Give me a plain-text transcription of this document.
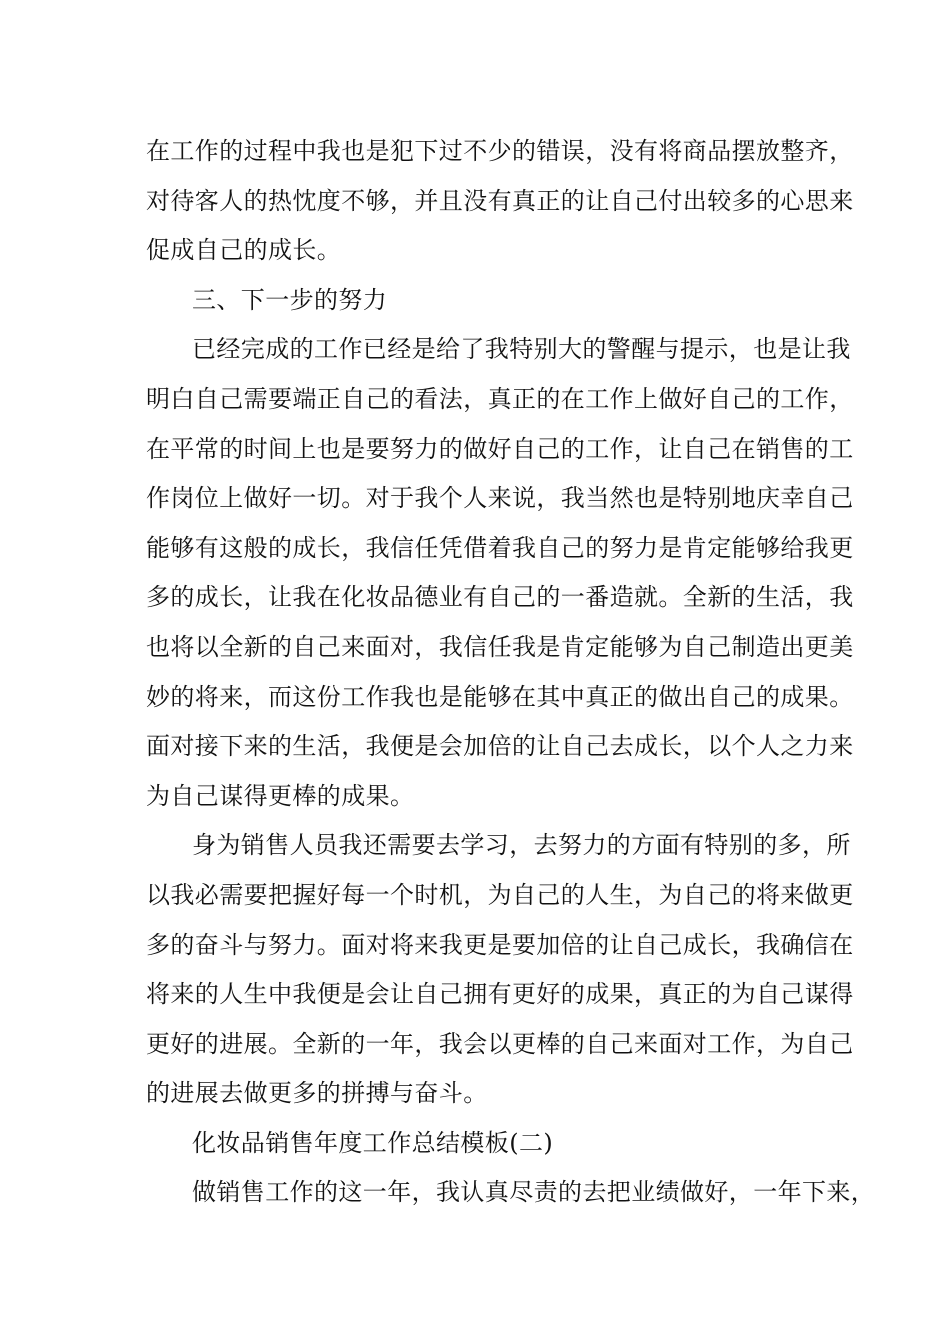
在工作的过程中我也是犯下过不少的错误，没有将商品摆放整齐，
对待客人的热忱度不够，并且没有真正的让自己付出较多的心思来
促成自己的成长。
三、下一步的努力
已经完成的工作已经是给了我特别大的警醒与提示，也是让我
明白自己需要端正自己的看法，真正的在工作上做好自己的工作，
在平常的时间上也是要努力的做好自己的工作，让自己在销售的工
作岗位上做好一切。对于我个人来说，我当然也是特别地庆幸自己
能够有这般的成长，我信任凭借着我自己的努力是肯定能够给我更
多的成长，让我在化妆品德业有自己的一番造就。全新的生活，我
也将以全新的自己来面对，我信任我是肯定能够为自己制造出更美
妙的将来，而这份工作我也是能够在其中真正的做出自己的成果。
面对接下来的生活，我便是会加倍的让自己去成长，以个人之力来
为自己谋得更棒的成果。
身为销售人员我还需要去学习，去努力的方面有特别的多，所
以我必需要把握好每一个时机，为自己的人生，为自己的将来做更
多的奋斗与努力。面对将来我更是要加倍的让自己成长，我确信在
将来的人生中我便是会让自己拥有更好的成果，真正的为自己谋得
更好的进展。全新的一年，我会以更棒的自己来面对工作，为自己
的进展去做更多的拼搏与奋斗。
化妆品销售年度工作总结模板(二)
做销售工作的这一年，我认真尽责的去把业绩做好，一年下来，
